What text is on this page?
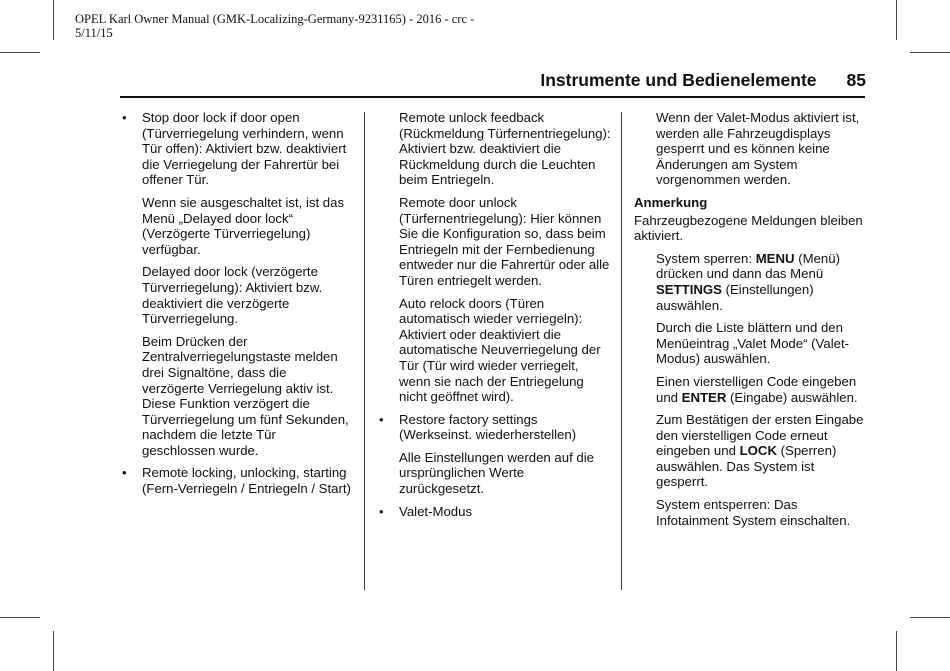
OPEL Karl Owner Manual (GMK-Localizing-Germany-9231165) - 2016 - crc -
5/11/15
Instrumente und Bedienelemente 85

• Stop door lock if door open (Türverriegelung verhindern, wenn Tür offen): Aktiviert bzw. deaktiviert die Verriegelung der Fahrertür bei offener Tür.

Wenn sie ausgeschaltet ist, ist das Menü „Delayed door lock“ (Verzögerte Türverriegelung) verfügbar.

Delayed door lock (verzögerte Türverriegelung): Aktiviert bzw. deaktiviert die verzögerte Türverriegelung.

Beim Drücken der Zentralverriegelungstaste melden drei Signaltöne, dass die verzögerte Verriegelung aktiv ist. Diese Funktion verzögert die Türverriegelung um fünf Sekunden, nachdem die letzte Tür geschlossen wurde.

• Remote locking, unlocking, starting (Fern-Verriegeln / Entriegeln / Start)

Remote unlock feedback (Rückmeldung Türfernentriegelung): Aktiviert bzw. deaktiviert die Rückmeldung durch die Leuchten beim Entriegeln.

Remote door unlock (Türfernentriegelung): Hier können Sie die Konfiguration so, dass beim Entriegeln mit der Fernbedienung entweder nur die Fahrertür oder alle Türen entriegelt werden.

Auto relock doors (Türen automatisch wieder verriegeln): Aktiviert oder deaktiviert die automatische Neuverriegelung der Tür (Tür wird wieder verriegelt, wenn sie nach der Entriegelung nicht geöffnet wird).

• Restore factory settings (Werkseinst. wiederherstellen)

Alle Einstellungen werden auf die ursprünglichen Werte zurückgesetzt.

• Valet-Modus

Wenn der Valet-Modus aktiviert ist, werden alle Fahrzeugdisplays gesperrt und es können keine Änderungen am System vorgenommen werden.

Anmerkung

Fahrzeugbezogene Meldungen bleiben aktiviert.

System sperren: MENU (Menü) drücken und dann das Menü SETTINGS (Einstellungen) auswählen.

Durch die Liste blättern und den Menüeintrag „Valet Mode“ (Valet-Modus) auswählen.

Einen vierstelligen Code eingeben und ENTER (Eingabe) auswählen.

Zum Bestätigen der ersten Eingabe den vierstelligen Code erneut eingeben und LOCK (Sperren) auswählen. Das System ist gesperrt.

System entsperren: Das Infotainment System einschalten.
